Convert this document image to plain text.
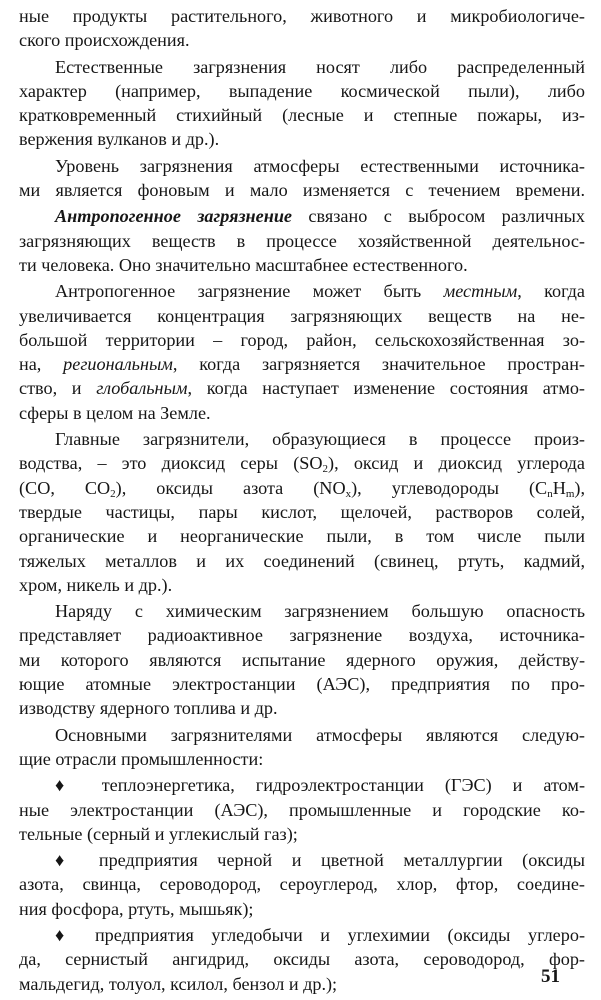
ные продукты растительного, животного и микробиологиче-
ского происхождения.
Естественные загрязнения носят либо распределенный
характер (например, выпадение космической пыли), либо
кратковременный стихийный (лесные и степные пожары, из-
вержения вулканов и др.).
Уровень загрязнения атмосферы естественными источника-
ми является фоновым и мало изменяется с течением времени.
Антропогенное загрязнение связано с выбросом различных
загрязняющих веществ в процессе хозяйственной деятельнос-
ти человека. Оно значительно масштабнее естественного.
Антропогенное загрязнение может быть местным, когда
увеличивается концентрация загрязняющих веществ на не-
большой территории – город, район, сельскохозяйственная зо-
на, региональным, когда загрязняется значительное простран-
ство, и глобальным, когда наступает изменение состояния атмо-
сферы в целом на Земле.
Главные загрязнители, образующиеся в процессе произ-
водства, – это диоксид серы $(SO_2)$, оксид и диоксид углерода
(CO, $CO_2$), оксиды азота $(NO_x)$, углеводороды $(C_nH_m)$,
твердые частицы, пары кислот, щелочей, растворов солей,
органические и неорганические пыли, в том числе пыли
тяжелых металлов и их соединений (свинец, ртуть, кадмий,
хром, никель и др.).
Наряду с химическим загрязнением большую опасность
представляет радиоактивное загрязнение воздуха, источника-
ми которого являются испытание ядерного оружия, действу-
ющие атомные электростанции (АЭС), предприятия по про-
изводству ядерного топлива и др.
Основными загрязнителями атмосферы являются следую-
щие отрасли промышленности:
♦ теплоэнергетика, гидроэлектростанции (ГЭС) и атом-
ные электростанции (АЭС), промышленные и городские ко-
тельные (серный и углекислый газ);
♦ предприятия черной и цветной металлургии (оксиды
азота, свинца, сероводород, сероуглерод, хлор, фтор, соедине-
ния фосфора, ртуть, мышьяк);
♦ предприятия угледобычи и углехимии (оксиды углеро-
да, сернистый ангидрид, оксиды азота, сероводород, фор-
мальдегид, толуол, ксилол, бензол и др.);	51
